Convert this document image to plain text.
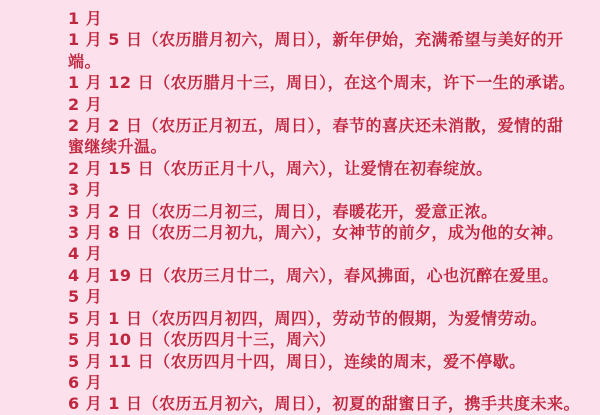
1 月

1 月 5 日（农历腊月初六，周日），新年伊始，充满希望与美好的开

端。

1 月 12 日（农历腊月十三，周日），在这个周末，许下一生的承诺。

2 月

2 月 2 日（农历正月初五，周日），春节的喜庆还未消散，爱情的甜

蜜继续升温。

2 月 15 日（农历正月十八，周六），让爱情在初春绽放。

3 月

3 月 2 日（农历二月初三，周日），春暖花开，爱意正浓。

3 月 8 日（农历二月初九，周六），女神节的前夕，成为他的女神。

4 月

4 月 19 日（农历三月廿二，周六），春风拂面，心也沉醉在爱里。

5 月

5 月 1 日（农历四月初四，周四），劳动节的假期，为爱情劳动。

5 月 10 日（农历四月十三，周六）

5 月 11 日（农历四月十四，周日），连续的周末，爱不停歇。

6 月

6 月 1 日（农历五月初六，周日），初夏的甜蜜日子，携手共度未来。
